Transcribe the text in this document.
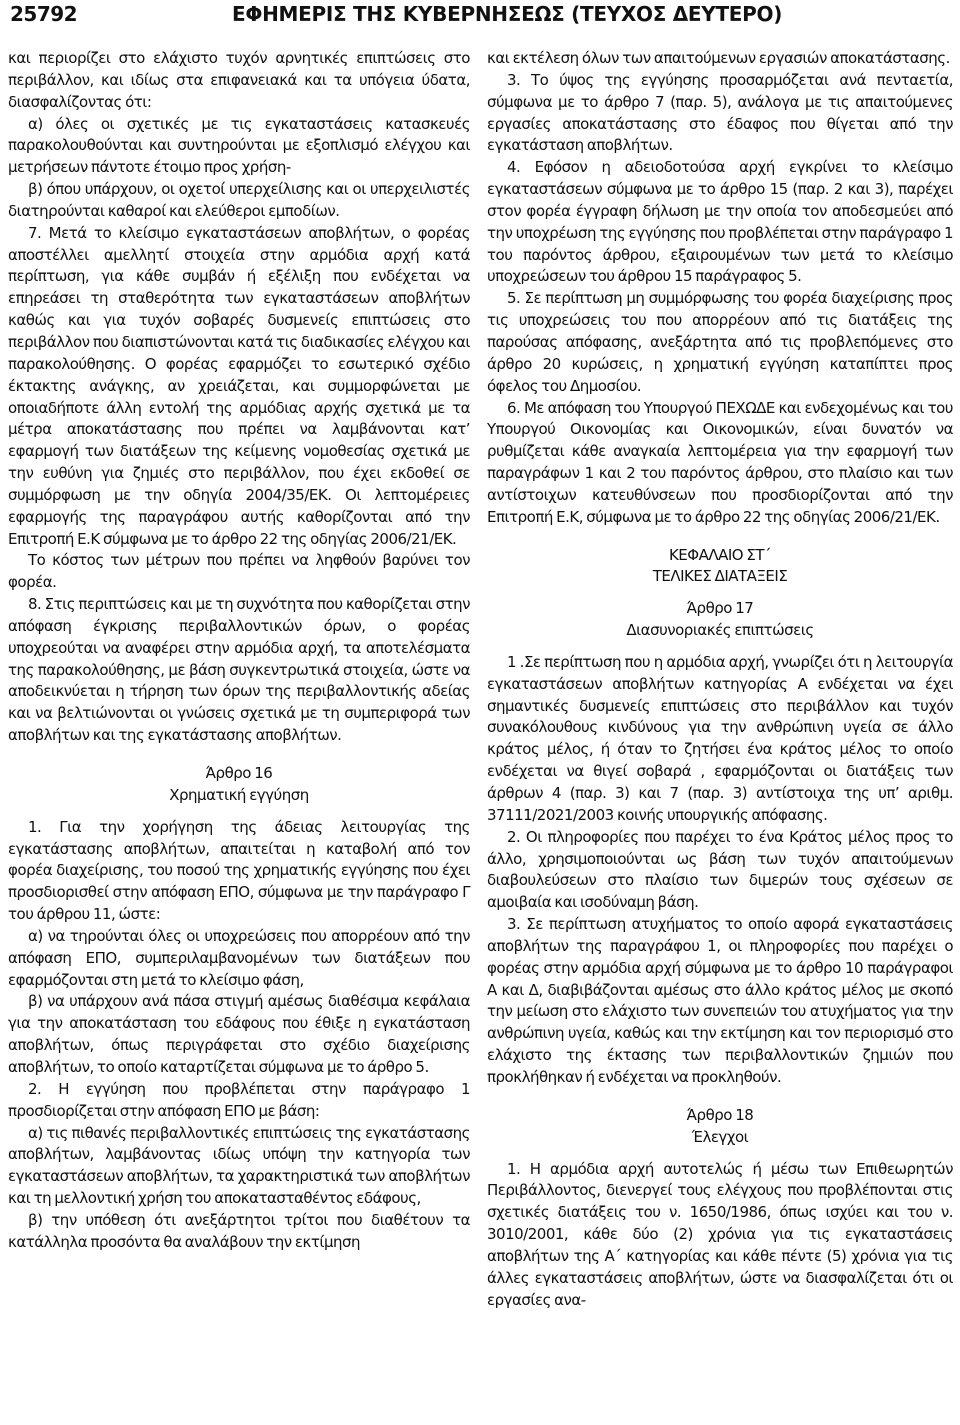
25792	ΕΦΗΜΕΡΙΣ ΤΗΣ ΚΥΒΕΡΝΗΣΕΩΣ (ΤΕΥΧΟΣ ΔΕΥΤΕΡΟ)

και περιορίζει στο ελάχιστο τυχόν αρνητικές επιπτώσεις στο περιβάλλον, και ιδίως στα επιφανειακά και τα υπόγεια ύδατα, διασφαλίζοντας ότι:

α) όλες οι σχετικές με τις εγκαταστάσεις κατασκευές παρακολουθούνται και συντηρούνται με εξοπλισμό ελέγχου και μετρήσεων πάντοτε έτοιμο προς χρήση-

β) όπου υπάρχουν, οι οχετοί υπερχείλισης και οι υπερχειλιστές διατηρούνται καθαροί και ελεύθεροι εμποδίων.

7. Μετά το κλείσιμο εγκαταστάσεων αποβλήτων, ο φορέας αποστέλλει αμελλητί στοιχεία στην αρμόδια αρχή κατά περίπτωση, για κάθε συμβάν ή εξέλιξη που ενδέχεται να επηρεάσει τη σταθερότητα των εγκαταστάσεων αποβλήτων καθώς και για τυχόν σοβαρές δυσμενείς επιπτώσεις στο περιβάλλον που διαπιστώνονται κατά τις διαδικασίες ελέγχου και παρακολούθησης. Ο φορέας εφαρμόζει το εσωτερικό σχέδιο έκτακτης ανάγκης, αν χρειάζεται, και συμμορφώνεται με οποιαδήποτε άλλη εντολή της αρμόδιας αρχής σχετικά με τα μέτρα αποκατάστασης που πρέπει να λαμβάνονται κατ’ εφαρμογή των διατάξεων της κείμενης νομοθεσίας σχετικά με την ευθύνη για ζημιές στο περιβάλλον, που έχει εκδοθεί σε συμμόρφωση με την οδηγία 2004/35/ΕΚ. Οι λεπτομέρειες εφαρμογής της παραγράφου αυτής καθορίζονται από την Επιτροπή Ε.Κ σύμφωνα με το άρθρο 22 της οδηγίας 2006/21/ΕΚ.

Το κόστος των μέτρων που πρέπει να ληφθούν βαρύνει τον φορέα.

8. Στις περιπτώσεις και με τη συχνότητα που καθορίζεται στην απόφαση έγκρισης περιβαλλοντικών όρων, ο φορέας υποχρεούται να αναφέρει στην αρμόδια αρχή, τα αποτελέσματα της παρακολούθησης, με βάση συγκεντρωτικά στοιχεία, ώστε να αποδεικνύεται η τήρηση των όρων της περιβαλλοντικής αδείας και να βελτιώνονται οι γνώσεις σχετικά με τη συμπεριφορά των αποβλήτων και της εγκατάστασης αποβλήτων.

Άρθρο 16

Χρηματική εγγύηση

1. Για την χορήγηση της άδειας λειτουργίας της εγκατάστασης αποβλήτων, απαιτείται η καταβολή από τον φορέα διαχείρισης, του ποσού της χρηματικής εγγύησης που έχει προσδιορισθεί στην απόφαση ΕΠΟ, σύμφωνα με την παράγραφο Γ του άρθρου 11, ώστε:

α) να τηρούνται όλες οι υποχρεώσεις που απορρέουν από την απόφαση ΕΠΟ, συμπεριλαμβανομένων των διατάξεων που εφαρμόζονται στη μετά το κλείσιμο φάση,

β) να υπάρχουν ανά πάσα στιγμή αμέσως διαθέσιμα κεφάλαια για την αποκατάσταση του εδάφους που έθιξε η εγκατάσταση αποβλήτων, όπως περιγράφεται στο σχέδιο διαχείρισης αποβλήτων, το οποίο καταρτίζεται σύμφωνα με το άρθρο 5.

2. Η εγγύηση που προβλέπεται στην παράγραφο 1 προσδιορίζεται στην απόφαση ΕΠΟ με βάση:

α) τις πιθανές περιβαλλοντικές επιπτώσεις της εγκατάστασης αποβλήτων, λαμβάνοντας ιδίως υπόψη την κατηγορία των εγκαταστάσεων αποβλήτων, τα χαρακτηριστικά των αποβλήτων και τη μελλοντική χρήση του αποκατασταθέντος εδάφους,

β) την υπόθεση ότι ανεξάρτητοι τρίτοι που διαθέτουν τα κατάλληλα προσόντα θα αναλάβουν την εκτίμηση

και εκτέλεση όλων των απαιτούμενων εργασιών αποκατάστασης.

3. Το ύψος της εγγύησης προσαρμόζεται ανά πενταετία, σύμφωνα με το άρθρο 7 (παρ. 5), ανάλογα με τις απαιτούμενες εργασίες αποκατάστασης στο έδαφος που θίγεται από την εγκατάσταση αποβλήτων.

4. Εφόσον η αδειοδοτούσα αρχή εγκρίνει το κλείσιμο εγκαταστάσεων σύμφωνα με το άρθρο 15 (παρ. 2 και 3), παρέχει στον φορέα έγγραφη δήλωση με την οποία τον αποδεσμεύει από την υποχρέωση της εγγύησης που προβλέπεται στην παράγραφο 1 του παρόντος άρθρου, εξαιρουμένων των μετά το κλείσιμο υποχρεώσεων του άρθρου 15 παράγραφος 5.

5. Σε περίπτωση μη συμμόρφωσης του φορέα διαχείρισης προς τις υποχρεώσεις του που απορρέουν από τις διατάξεις της παρούσας απόφασης, ανεξάρτητα από τις προβλεπόμενες στο άρθρο 20 κυρώσεις, η χρηματική εγγύηση καταπίπτει προς όφελος του Δημοσίου.

6. Με απόφαση του Υπουργού ΠΕΧΩΔΕ και ενδεχομένως και του Υπουργού Οικονομίας και Οικονομικών, είναι δυνατόν να ρυθμίζεται κάθε αναγκαία λεπτομέρεια για την εφαρμογή των παραγράφων 1 και 2 του παρόντος άρθρου, στο πλαίσιο και των αντίστοιχων κατευθύνσεων που προσδιορίζονται από την Επιτροπή Ε.Κ, σύμφωνα με το άρθρο 22 της οδηγίας 2006/21/ΕΚ.

ΚΕΦΑΛΑΙΟ ΣΤ΄

ΤΕΛΙΚΕΣ ΔΙΑΤΑΞΕΙΣ

Άρθρο 17

Διασυνοριακές επιπτώσεις

1 .Σε περίπτωση που η αρμόδια αρχή, γνωρίζει ότι η λειτουργία εγκαταστάσεων αποβλήτων κατηγορίας Α ενδέχεται να έχει σημαντικές δυσμενείς επιπτώσεις στο περιβάλλον και τυχόν συνακόλουθους κινδύνους για την ανθρώπινη υγεία σε άλλο κράτος μέλος, ή όταν το ζητήσει ένα κράτος μέλος το οποίο ενδέχεται να θιγεί σοβαρά , εφαρμόζονται οι διατάξεις των άρθρων 4 (παρ. 3) και 7 (παρ. 3) αντίστοιχα της υπ’ αριθμ. 37111/2021/2003 κοινής υπουργικής απόφασης.

2. Οι πληροφορίες που παρέχει το ένα Κράτος μέλος προς το άλλο, χρησιμοποιούνται ως βάση των τυχόν απαιτούμενων διαβουλεύσεων στο πλαίσιο των διμερών τους σχέσεων σε αμοιβαία και ισοδύναμη βάση.

3. Σε περίπτωση ατυχήματος το οποίο αφορά εγκαταστάσεις αποβλήτων της παραγράφου 1, οι πληροφορίες που παρέχει ο φορέας στην αρμόδια αρχή σύμφωνα με το άρθρο 10 παράγραφοι Α και Δ, διαβιβάζονται αμέσως στο άλλο κράτος μέλος με σκοπό την μείωση στο ελάχιστο των συνεπειών του ατυχήματος για την ανθρώπινη υγεία, καθώς και την εκτίμηση και τον περιορισμό στο ελάχιστο της έκτασης των περιβαλλοντικών ζημιών που προκλήθηκαν ή ενδέχεται να προκληθούν.

Άρθρο 18

Έλεγχοι

1. Η αρμόδια αρχή αυτοτελώς ή μέσω των Επιθεωρητών Περιβάλλοντος, διενεργεί τους ελέγχους που προβλέπονται στις σχετικές διατάξεις του ν. 1650/1986, όπως ισχύει και του ν. 3010/2001, κάθε δύο (2) χρόνια για τις εγκαταστάσεις αποβλήτων της Α΄ κατηγορίας και κάθε πέντε (5) χρόνια για τις άλλες εγκαταστάσεις αποβλήτων, ώστε να διασφαλίζεται ότι οι εργασίες ανα-
